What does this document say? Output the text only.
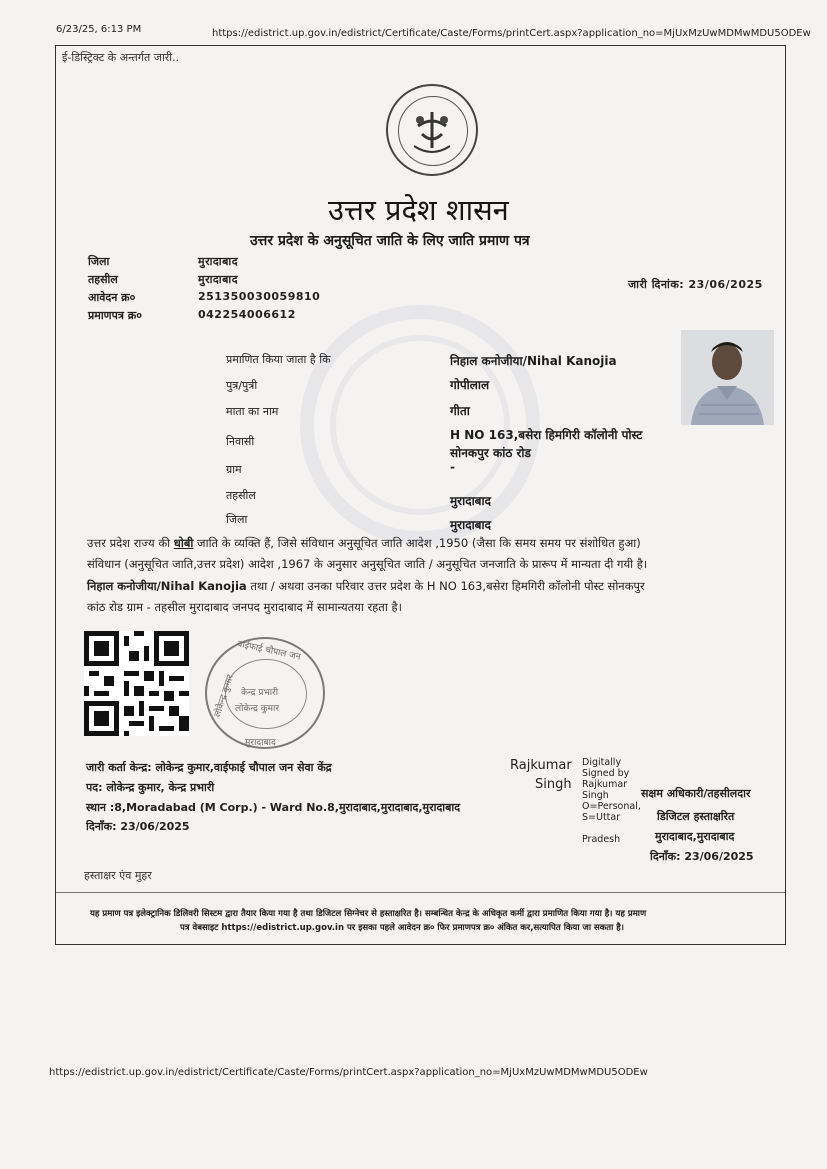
6/23/25, 6:13 PM	https://edistrict.up.gov.in/edistrict/Certificate/Caste/Forms/printCert.aspx?application_no=MjUxMzUwMDMwMDU5ODEw
ई-डिस्ट्रिक्ट के अन्तर्गत जारी..
उत्तर प्रदेश शासन
उत्तर प्रदेश के अनुसूचित जाति के लिए जाति प्रमाण पत्र
जिला	मुरादाबाद
तहसील	मुरादाबाद
आवेदन क्र०	25135003005981​0
प्रमाणपत्र क्र०	042254006612
जारी दिनांक: 23/06/2025
प्रमाणित किया जाता है कि	निहाल कनोजीया/Nihal Kanojia
पुत्र/पुत्री	गोपीलाल
माता का नाम	गीता
निवासी	H NO 163,बसेरा हिमगिरी कॉलोनी पोस्ट
सोनकपुर कांठ रोड
ग्राम	-
तहसील	मुरादाबाद
जिला	मुरादाबाद
उत्तर प्रदेश राज्य की धोबी जाति के व्यक्ति हैं, जिसे संविधान अनुसूचित जाति आदेश ,1950 (जैसा कि समय समय पर संशोधित हुआ)
संविधान (अनुसूचित जाति,उत्तर प्रदेश) आदेश ,1967 के अनुसार अनुसूचित जाति / अनुसूचित जनजाति के प्रारूप में मान्यता दी गयी है।
निहाल कनोजीया/Nihal Kanojia तथा / अथवा उनका परिवार उत्तर प्रदेश के H NO 163,बसेरा हिमगिरी कॉलोनी पोस्ट सोनकपुर
कांठ रोड ग्राम - तहसील मुरादाबाद जनपद मुरादाबाद में सामान्यतया रहता है।
वाईफाई चौपाल जन
लोकेन्द्र कुमार
मुरादाबाद
केन्द्र प्रभारी
लोकेन्द्र कुमार
जारी कर्ता केन्द्र: लोकेन्द्र कुमार,वाईफाई चौपाल जन सेवा केंद्र
पद: लोकेन्द्र कुमार, केन्द्र प्रभारी
स्थान :8,Moradabad (M Corp.) - Ward No.8,मुरादाबाद,मुरादाबाद,मुरादाबाद
दिनाँक: 23/06/2025
Rajkumar
Singh
Digitally
Signed by
Rajkumar
Singh
O=Personal,
S=Uttar
Pradesh
सक्षम अधिकारी/तहसीलदार
डिजिटल हस्ताक्षरित
मुरादाबाद,मुरादाबाद
दिनाँक: 23/06/2025
हस्ताक्षर एंव मुहर
यह प्रमाण पत्र इलेक्ट्रानिक डिलिवरी सिस्टम द्वारा तैयार किया गया है तथा डिजिटल सिग्नेचर से हस्ताक्षरित है। सम्बन्धित केन्द्र के अधिकृत कर्मी द्वारा प्रमाणित किया गया है। यह प्रमाण
पत्र वेबसाइट https://edistrict.up.gov.in पर इसका पहले आवेदन क्र० फिर प्रमाणपत्र क्र० अंकित कर,सत्यापित किया जा सकता है।
https://edistrict.up.gov.in/edistrict/Certificate/Caste/Forms/printCert.aspx?application_no=MjUxMzUwMDMwMDU5ODEw
